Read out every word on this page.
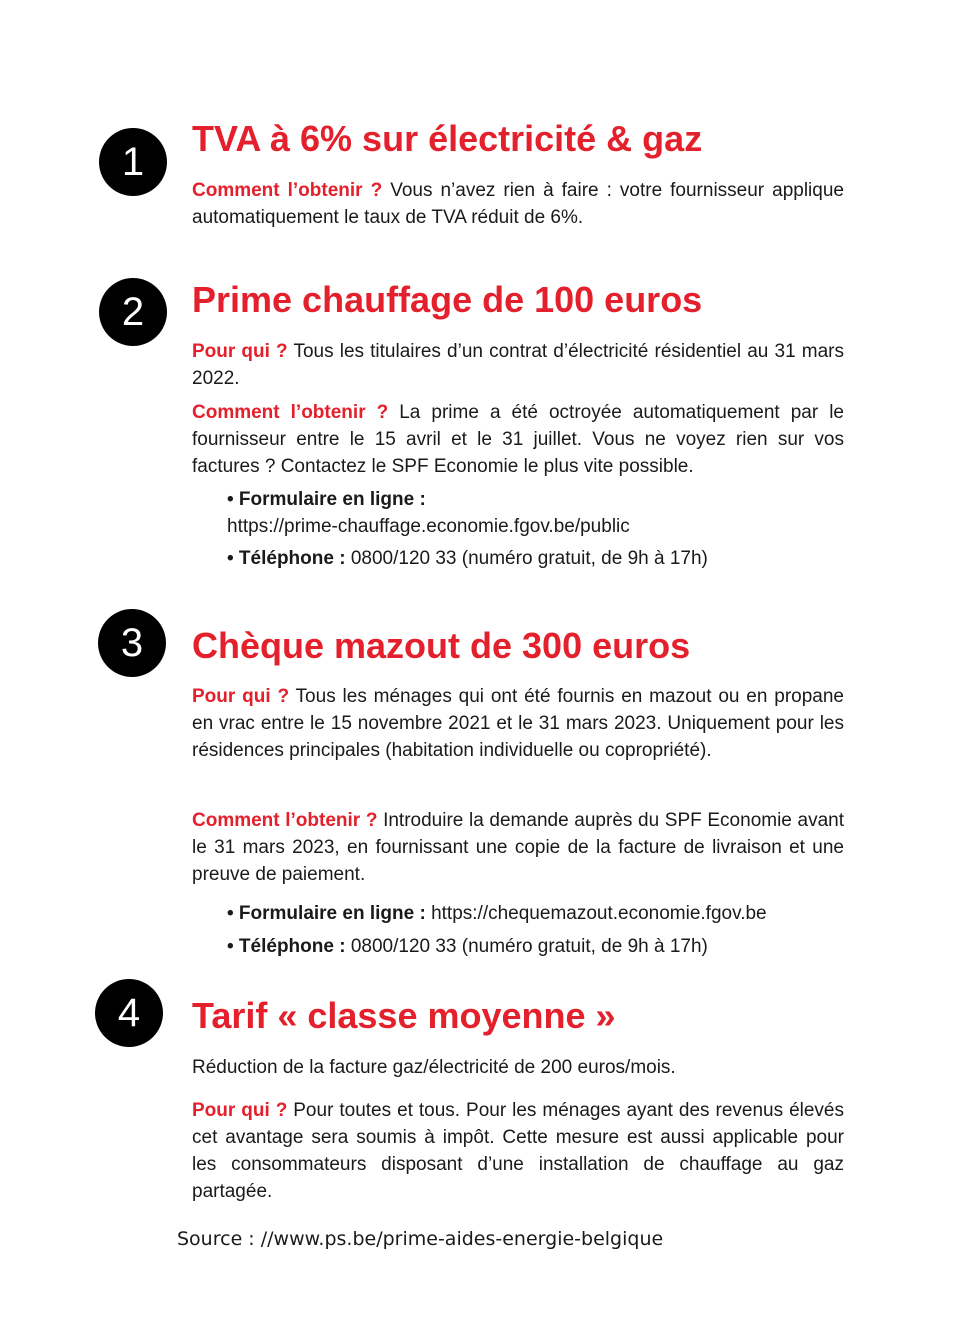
1
TVA à 6% sur électricité & gaz

Comment l’obtenir ? Vous n’avez rien à faire : votre fournisseur applique automatiquement le taux de TVA réduit de 6%.

2	Prime chauffage de 100 euros

Pour qui ? Tous les titulaires d’un contrat d’électricité résidentiel au 31 mars 2022.

Comment l’obtenir ? La prime a été octroyée automatiquement par le fournisseur entre le 15 avril et le 31 juillet. Vous ne voyez rien sur vos factures ? Contactez le SPF Economie le plus vite possible.

• Formulaire en ligne :
https://prime-chauffage.economie.fgov.be/public

• Téléphone : 0800/120 33 (numéro gratuit, de 9h à 17h)

3	Chèque mazout de 300 euros

Pour qui ? Tous les ménages qui ont été fournis en mazout ou en propane en vrac entre le 15 novembre 2021 et le 31 mars 2023. Uniquement pour les résidences principales (habitation individuelle ou copropriété).

Comment l’obtenir ? Introduire la demande auprès du SPF Economie avant le 31 mars 2023, en fournissant une copie de la facture de livraison et une preuve de paiement.

• Formulaire en ligne : https://chequemazout.economie.fgov.be

• Téléphone : 0800/120 33 (numéro gratuit, de 9h à 17h)

4	Tarif « classe moyenne »

Réduction de la facture gaz/électricité de 200 euros/mois.

Pour qui ? Pour toutes et tous. Pour les ménages ayant des revenus élevés cet avantage sera soumis à impôt. Cette mesure est aussi applicable pour les consommateurs disposant d’une installation de chauffage au gaz partagée.

Source : //www.ps.be/prime-aides-energie-belgique
